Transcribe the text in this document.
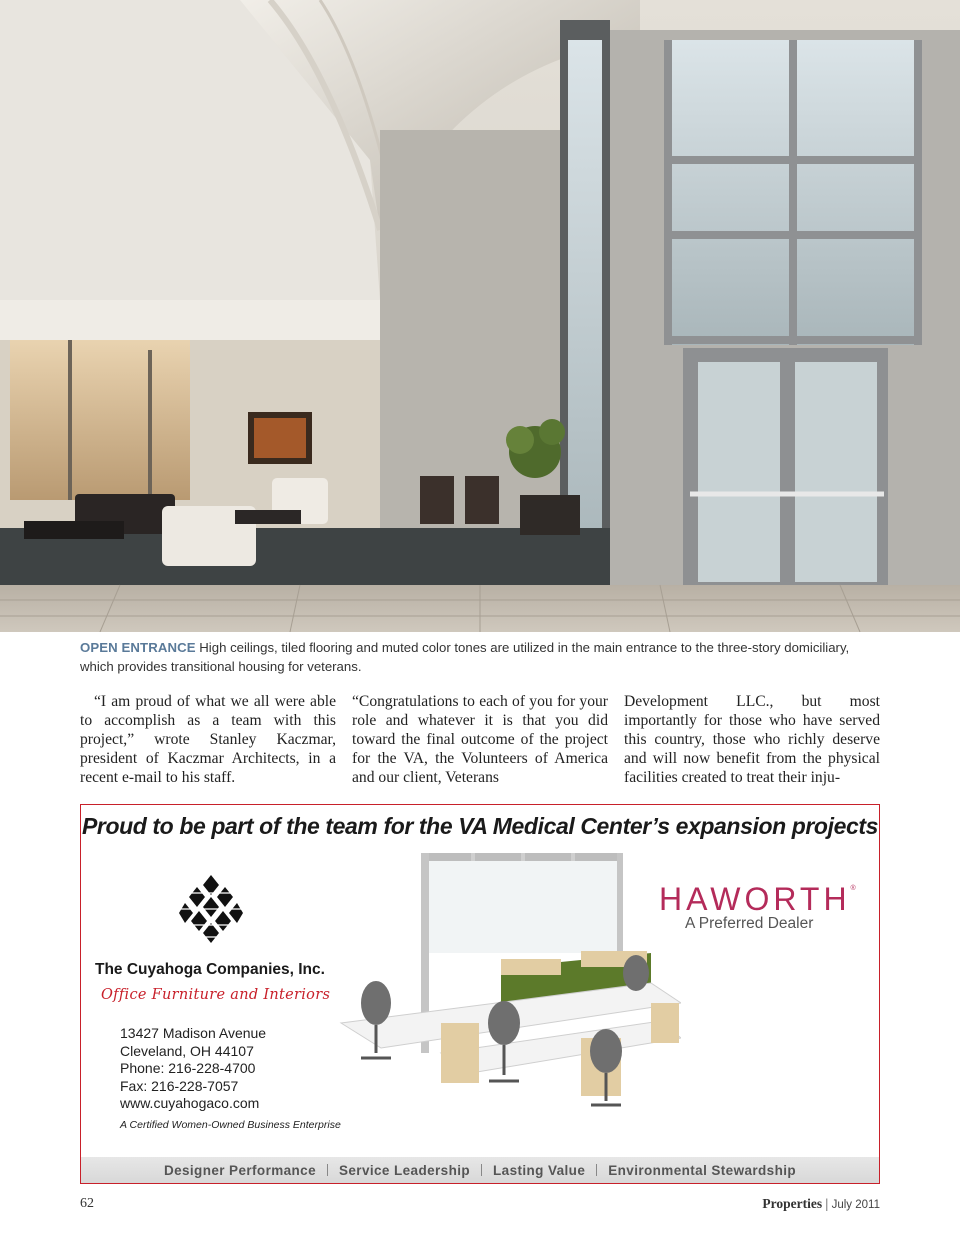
OPEN ENTRANCE High ceilings, tiled flooring and muted color tones are utilized in the main entrance to the three-story domiciliary, which provides transitional housing for veterans.

“I am proud of what we all were able to accomplish as a team with this project,” wrote Stanley Kaczmar, president of Kaczmar Architects, in a recent e-mail to his staff.

“Congratulations to each of you for your role and whatever it is that you did toward the final outcome of the project for the VA, the Volunteers of America and our client, Veterans

Development LLC., but most importantly for those who have served this country, those who richly deserve and will now benefit from the physical facilities created to treat their inju-

Proud to be part of the team for the VA Medical Center’s expansion projects
The Cuyahoga Companies, Inc.
Office Furniture and Interiors
13427 Madison Avenue
Cleveland, OH 44107
Phone: 216-228-4700
Fax: 216-228-7057
www.cuyahogaco.com
A Certified Women-Owned Business Enterprise
HAWORTH®
A Preferred Dealer
Designer Performance Service Leadership Lasting Value Environmental Stewardship
62	Properties | July 2011
